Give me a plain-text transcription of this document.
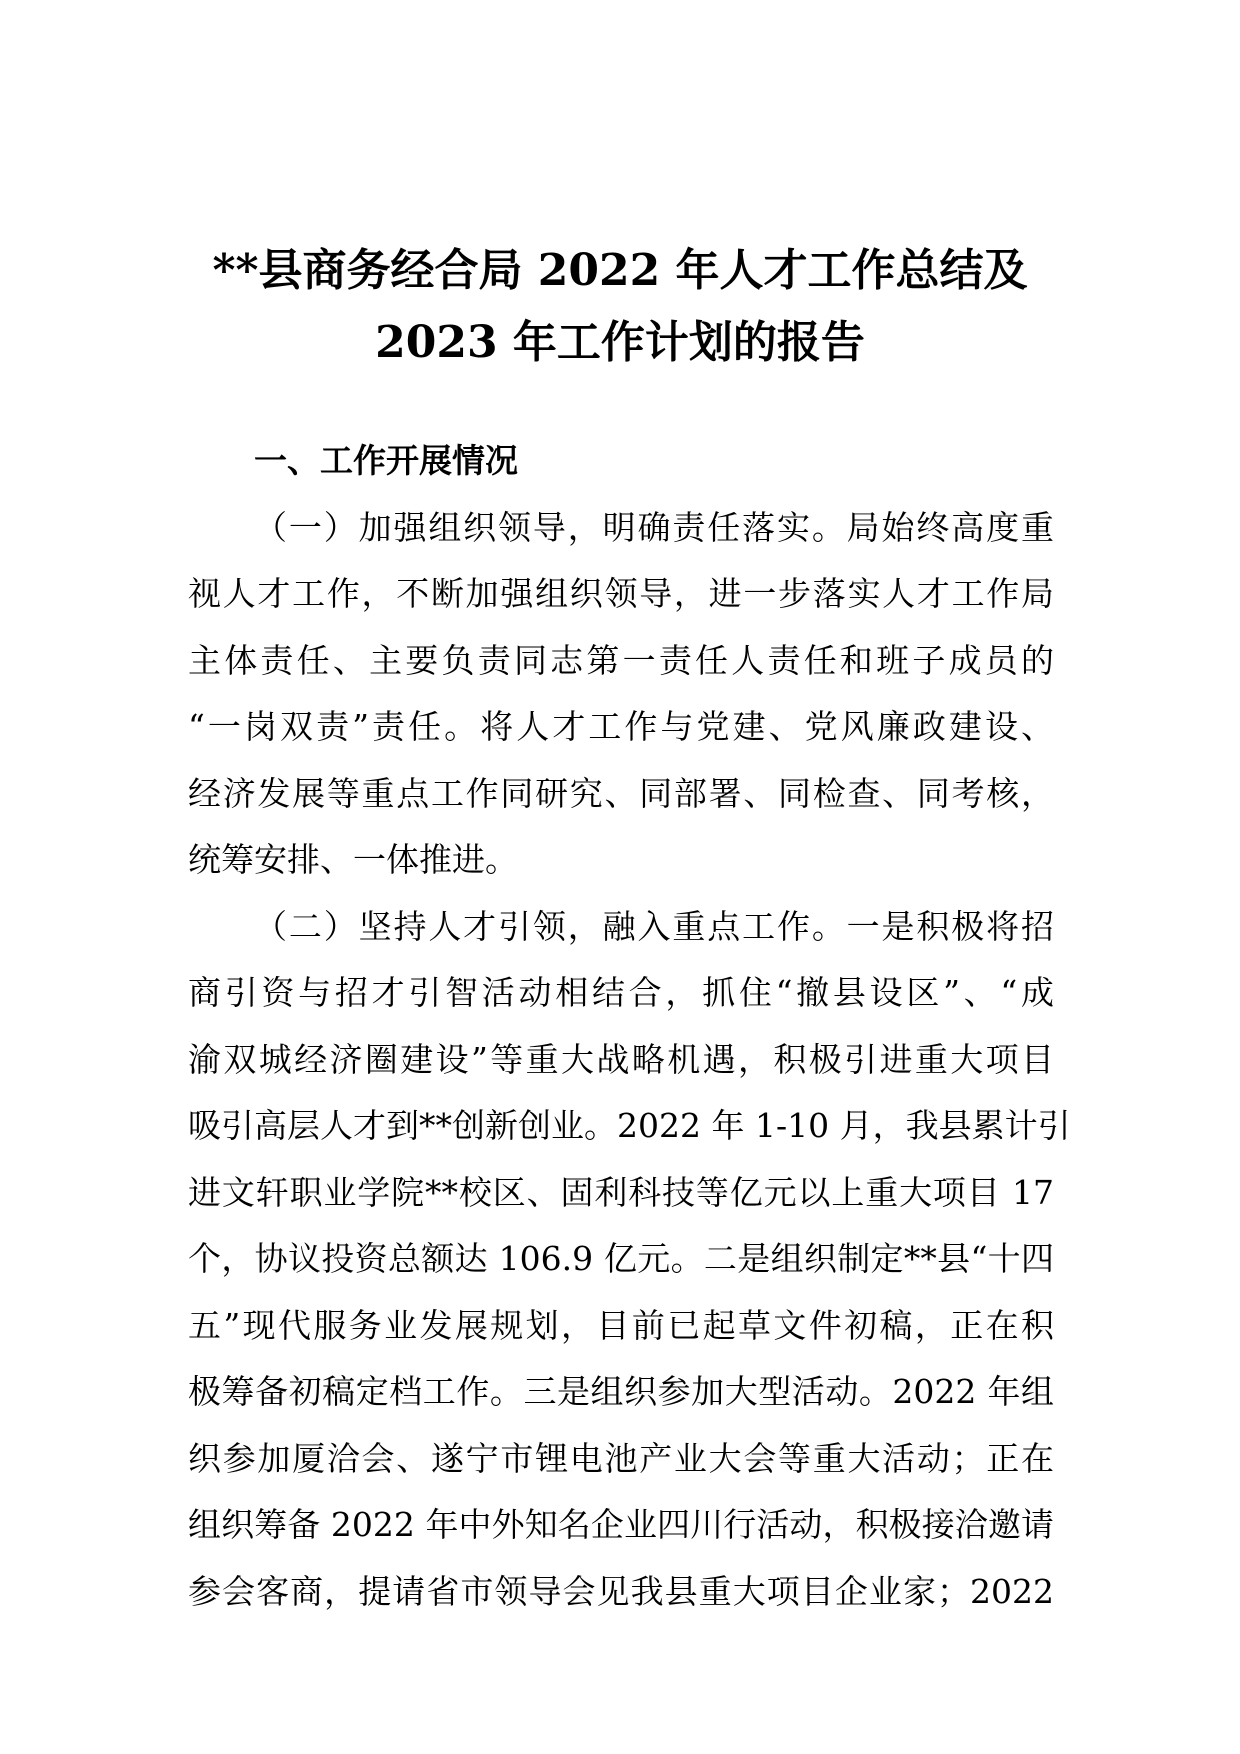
**县商务经合局 2022 年人才工作总结及
2023 年工作计划的报告

一、工作开展情况

（一）加强组织领导，明确责任落实。局始终高度重
视人才工作，不断加强组织领导，进一步落实人才工作局
主体责任、主要负责同志第一责任人责任和班子成员的
“一岗双责”责任。将人才工作与党建、党风廉政建设、
经济发展等重点工作同研究、同部署、同检查、同考核，
统筹安排、一体推进。

（二）坚持人才引领，融入重点工作。一是积极将招
商引资与招才引智活动相结合，抓住“撤县设区”、“成
渝双城经济圈建设”等重大战略机遇，积极引进重大项目
吸引高层人才到**创新创业。2022 年 1-10 月，我县累计引
进文轩职业学院**校区、固利科技等亿元以上重大项目 17
个，协议投资总额达 106.9 亿元。二是组织制定**县“十四
五”现代服务业发展规划，目前已起草文件初稿，正在积
极筹备初稿定档工作。三是组织参加大型活动。2022 年组
织参加厦洽会、遂宁市锂电池产业大会等重大活动；正在
组织筹备 2022 年中外知名企业四川行活动，积极接洽邀请
参会客商，提请省市领导会见我县重大项目企业家；2022
